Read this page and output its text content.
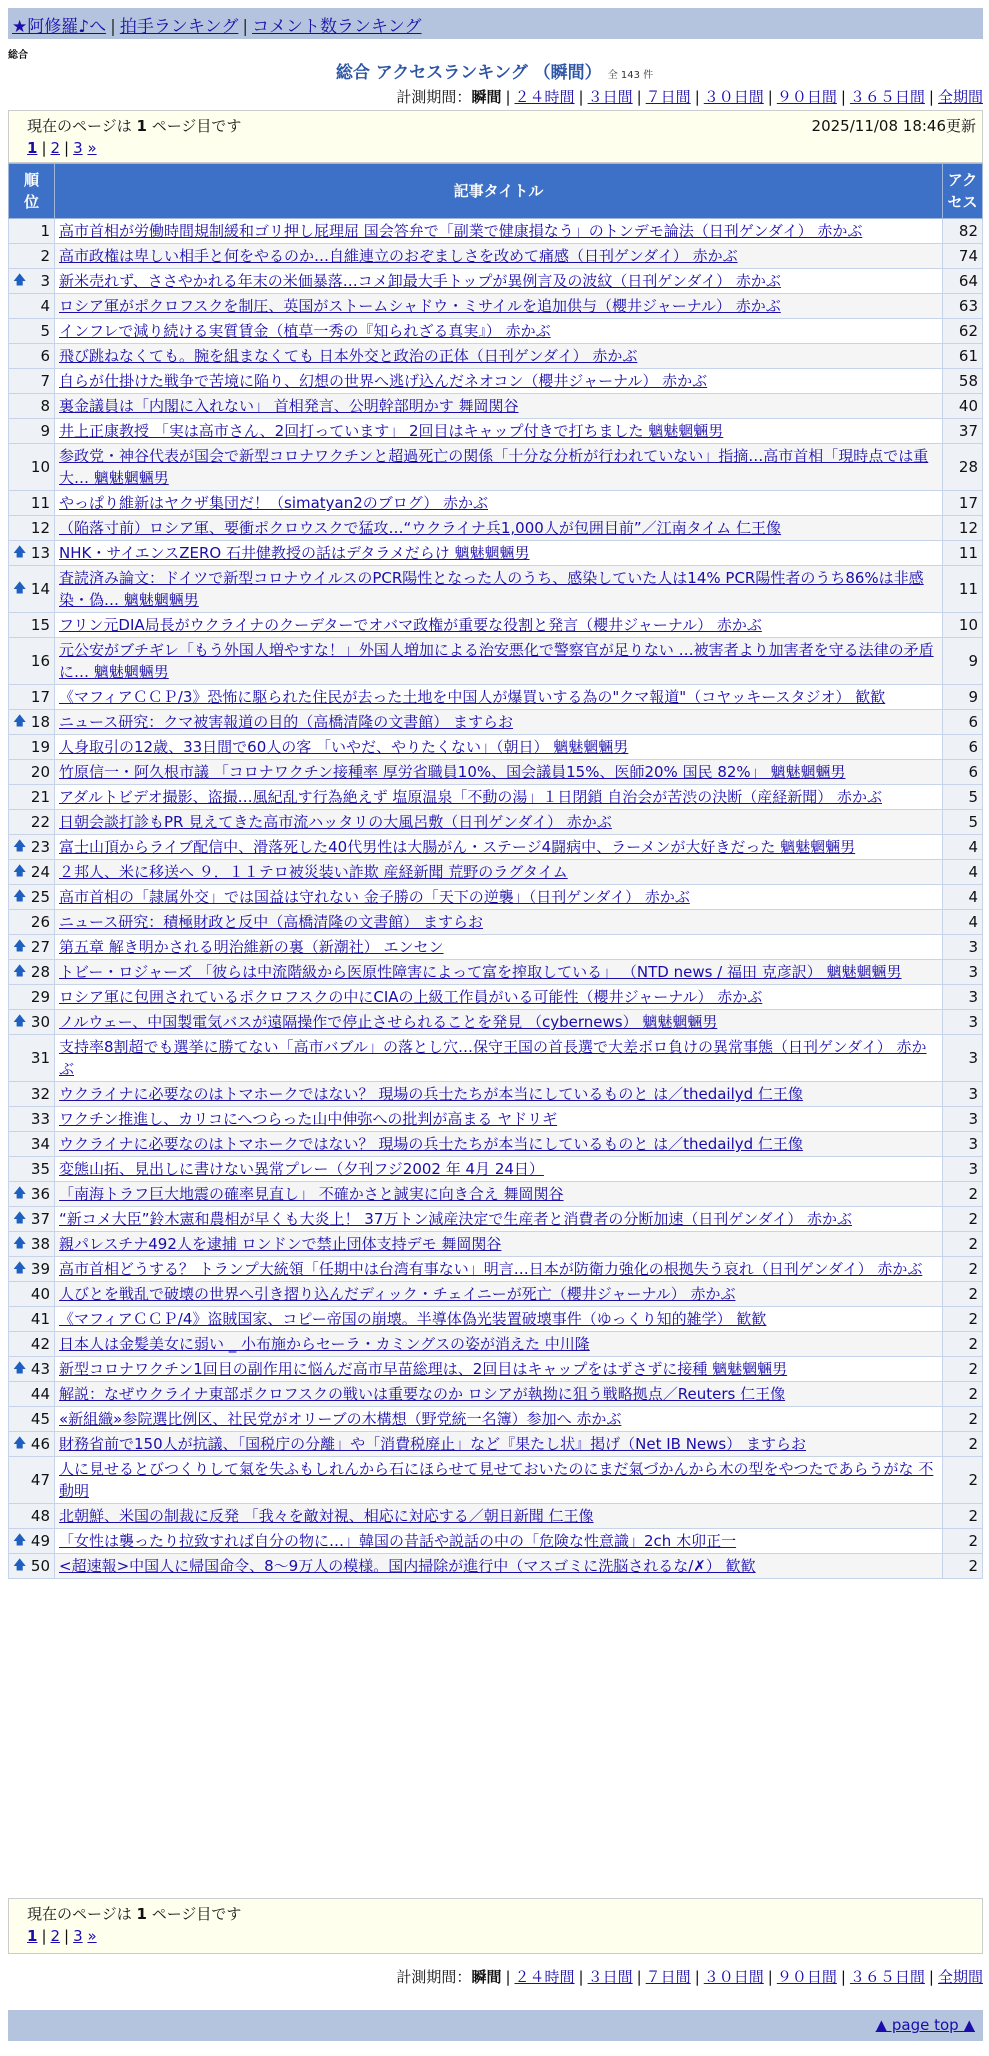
★阿修羅♪へ | 拍手ランキング | コメント数ランキング
総合
総合 アクセスランキング （瞬間） 全 143 件
計測期間：瞬間 | ２４時間 | ３日間 | ７日間 | ３０日間 | ９０日間 | ３６５日間 | 全期間
現在のページは 1 ページ目です	2025/11/08 18:46更新
1 | 2 | 3 »
順位	記事タイトル	アクセス
1	高市首相が労働時間規制緩和ゴリ押し屁理屈 国会答弁で「副業で健康損なう」のトンデモ論法（日刊ゲンダイ） 赤かぶ	82
2	高市政権は卑しい相手と何をやるのか…自維連立のおぞましさを改めて痛感（日刊ゲンダイ） 赤かぶ	74

🡅 3	新米売れず、ささやかれる年末の米価暴落…コメ卸最大手トップが異例言及の波紋（日刊ゲンダイ） 赤かぶ	64
4	ロシア軍がポクロフスクを制圧、英国がストームシャドウ・ミサイルを追加供与（櫻井ジャーナル） 赤かぶ	63
5	インフレで減り続ける実質賃金（植草一秀の『知られざる真実』） 赤かぶ	62
6	飛び跳ねなくても。腕を組まなくても 日本外交と政治の正体（日刊ゲンダイ） 赤かぶ	61
7	自らが仕掛けた戦争で苦境に陥り、幻想の世界へ逃げ込んだネオコン（櫻井ジャーナル） 赤かぶ	58
8	裏金議員は「内閣に入れない」 首相発言、公明幹部明かす 舞岡関谷	40
9	井上正康教授 「実は高市さん、2回打っています」 2回目はキャップ付きで打ちました 魑魅魍魎男	37
10	参政党・神谷代表が国会で新型コロナワクチンと超過死亡の関係「十分な分析が行われていない」指摘…高市首相「現時点では重大… 魑魅魍魎男	28
11	やっぱり維新はヤクザ集団だ！（simatyan2のブログ） 赤かぶ	17
12	（陥落寸前）ロシア軍、要衝ポクロウスクで猛攻…“ウクライナ兵1,000人が包囲目前”／江南タイム 仁王像	12

🡅 13	NHK・サイエンスZERO 石井健教授の話はデタラメだらけ 魑魅魍魎男	11

🡅 14	査読済み論文：ドイツで新型コロナウイルスのPCR陽性となった人のうち、感染していた人は14% PCR陽性者のうち86%は非感染・偽… 魑魅魍魎男	11
15	フリン元DIA局長がウクライナのクーデターでオバマ政権が重要な役割と発言（櫻井ジャーナル） 赤かぶ	10
16	元公安がブチギレ「もう外国人増やすな！」外国人増加による治安悪化で警察官が足りない …被害者より加害者を守る法律の矛盾に… 魑魅魍魎男	9
17	《マフィアＣＣＰ/3》恐怖に駆られた住民が去った土地を中国人が爆買いする為の"クマ報道"（コヤッキースタジオ） 歓歓	9

🡅 18	ニュース研究：クマ被害報道の目的（高橋清隆の文書館） ますらお	6
19	人身取引の12歳、33日間で60人の客 「いやだ、やりたくない」（朝日） 魑魅魍魎男	6
20	竹原信一・阿久根市議 「コロナワクチン接種率 厚労省職員10%、国会議員15%、医師20% 国民 82%」 魑魅魍魎男	6
21	アダルトビデオ撮影、盗撮…風紀乱す行為絶えず 塩原温泉「不動の湯」１日閉鎖 自治会が苦渋の決断（産経新聞） 赤かぶ	5
22	日朝会談打診もPR 見えてきた高市流ハッタリの大風呂敷（日刊ゲンダイ） 赤かぶ	5

🡅 23	富士山頂からライブ配信中、滑落死した40代男性は大腸がん・ステージ4闘病中、ラーメンが大好きだった 魑魅魍魎男	4

🡅 24	２邦人、米に移送へ ９．１１テロ被災装い詐欺 産経新聞 荒野のラグタイム	4

🡅 25	高市首相の「隷属外交」では国益は守れない 金子勝の「天下の逆襲」（日刊ゲンダイ） 赤かぶ	4
26	ニュース研究：積極財政と反中（高橋清隆の文書館） ますらお	4

🡅 27	第五章 解き明かされる明治維新の裏（新潮社） エンセン	3

🡅 28	トビー・ロジャーズ 「彼らは中流階級から医原性障害によって富を搾取している」 （NTD news / 福田 克彦訳） 魑魅魍魎男	3
29	ロシア軍に包囲されているポクロフスクの中にCIAの上級工作員がいる可能性（櫻井ジャーナル） 赤かぶ	3

🡅 30	ノルウェー、中国製電気バスが遠隔操作で停止させられることを発見 （cybernews） 魑魅魍魎男	3
31	支持率8割超でも選挙に勝てない「高市バブル」の落とし穴…保守王国の首長選で大差ボロ負けの異常事態（日刊ゲンダイ） 赤かぶ	3
32	ウクライナに必要なのはトマホークではない？ 現場の兵士たちが本当にしているものと は／thedailyd 仁王像	3
33	ワクチン推進し、カリコにへつらった山中伸弥への批判が高まる ヤドリギ	3
34	ウクライナに必要なのはトマホークではない？ 現場の兵士たちが本当にしているものと は／thedailyd 仁王像	3
35	変態山拓、見出しに書けない異常プレー（夕刊フジ2002 年 4月 24日）	3

🡅 36	「南海トラフ巨大地震の確率見直し」 不確かさと誠実に向き合え 舞岡関谷	2

🡅 37	“新コメ大臣”鈴木憲和農相が早くも大炎上！ 37万トン減産決定で生産者と消費者の分断加速（日刊ゲンダイ） 赤かぶ	2

🡅 38	親パレスチナ492人を逮捕 ロンドンで禁止団体支持デモ 舞岡関谷	2

🡅 39	高市首相どうする？ トランプ大統領「任期中は台湾有事ない」明言…日本が防衛力強化の根拠失う哀れ（日刊ゲンダイ） 赤かぶ	2
40	人びとを戦乱で破壊の世界へ引き摺り込んだディック・チェイニーが死亡（櫻井ジャーナル） 赤かぶ	2
41	《マフィアＣＣＰ/4》盗賊国家、コピー帝国の崩壊。半導体偽光装置破壊事件（ゆっくり知的雑学） 歓歓	2
42	日本人は金髪美女に弱い _ 小布施からセーラ・カミングスの姿が消えた 中川隆	2

🡅 43	新型コロナワクチン1回目の副作用に悩んだ高市早苗総理は、2回目はキャップをはずさずに接種 魑魅魍魎男	2
44	解説：なぜウクライナ東部ポクロフスクの戦いは重要なのか ロシアが執拗に狙う戦略拠点／Reuters 仁王像	2
45	«新組織»参院選比例区、社民党がオリーブの木構想（野党統一名簿）参加へ 赤かぶ	2

🡅 46	財務省前で150人が抗議、「国税庁の分離」や「消費税廃止」など『果たし状』掲げ（Net IB News） ますらお	2
47	人に見せるとびつくりして氣を失ふもしれんから石にほらせて見せておいたのにまだ氣づかんから木の型をやつたであらうがな 不動明	2
48	北朝鮮、米国の制裁に反発 「我々を敵対視、相応に対応する／朝日新聞 仁王像	2

🡅 49	「女性は襲ったり拉致すれば自分の物に…」韓国の昔話や説話の中の「危険な性意識」2ch 木卯正一	2

🡅 50	<超速報>中国人に帰国命令、8～9万人の模様。国内掃除が進行中（マスゴミに洗脳されるな/✗） 歓歓	2
現在のページは 1 ページ目です
1 | 2 | 3 »
計測期間：瞬間 | ２４時間 | ３日間 | ７日間 | ３０日間 | ９０日間 | ３６５日間 | 全期間
▲ page top ▲
